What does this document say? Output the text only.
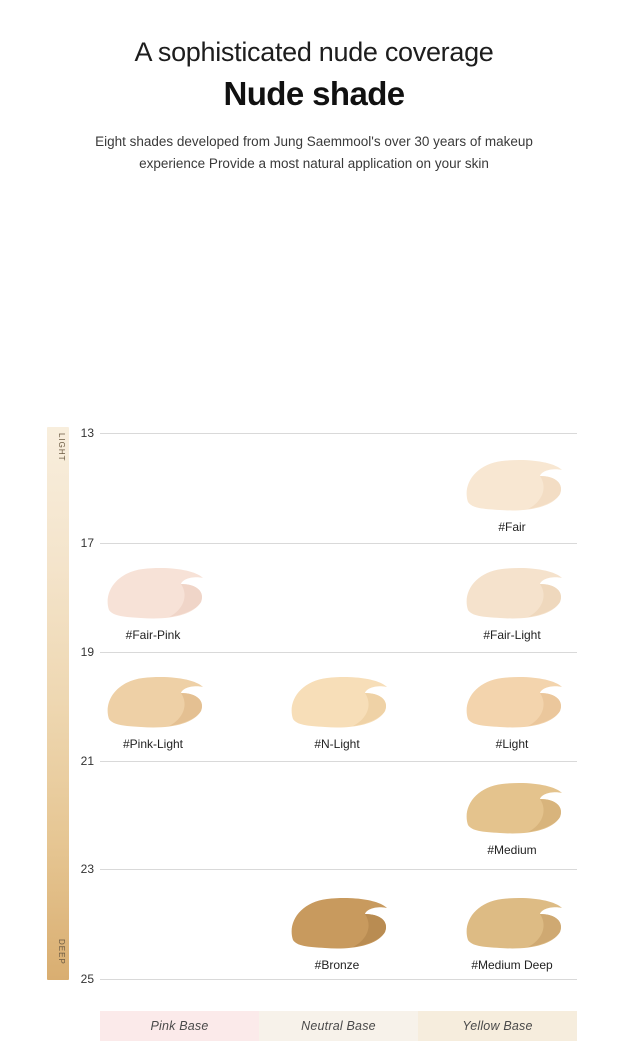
A sophisticated nude coverage
Nude shade

Eight shades developed from Jung Saemmool's over 30 years of makeup experience Provide a most natural application on your skin

LIGHT
DEEP
13
17
19
21
23
25
#Fair
#Fair-Pink	#Fair-Light
#Pink-Light	#N-Light	#Light
#Medium
#Bronze	#Medium Deep
Pink Base	Neutral Base	Yellow Base
